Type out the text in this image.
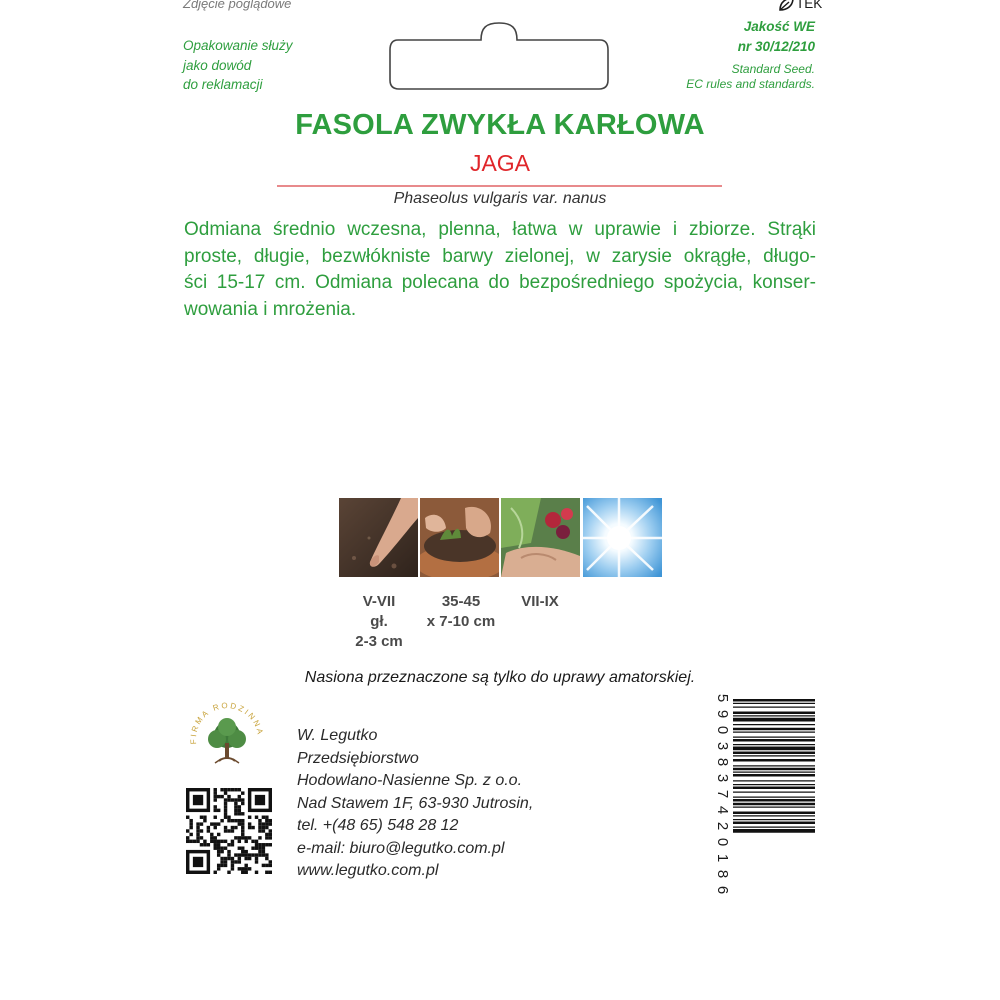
Zdjęcie poglądowe
Opakowanie służy
jako dowód
do reklamacji
TEK
Jakość WE
nr 30/12/210
Standard Seed.
EC rules and standards.
FASOLA ZWYKŁA KARŁOWA
JAGA
Phaseolus vulgaris var. nanus
Odmiana średnio wczesna, plenna, łatwa w uprawie i zbiorze. Strąki
proste, długie, bezwłókniste barwy zielonej, w zarysie okrągłe, długo-
ści 15-17 cm. Odmiana polecana do bezpośredniego spożycia, konser-
wowania i mrożenia.
V-VII
gł.
2-3 cm
35-45
x 7-10 cm
VII-IX
Nasiona przeznaczone są tylko do uprawy amatorskiej.
FIRMA RODZINNA W. Legutko
Przedsiębiorstwo
Hodowlano-Nasienne Sp. z o.o.
Nad Stawem 1F, 63-930 Jutrosin,
tel. +(48 65) 548 28 12
e-mail: biuro@legutko.com.pl
www.legutko.com.pl
5
9
0
3
8
3
7
4
2
0
1
8
6
